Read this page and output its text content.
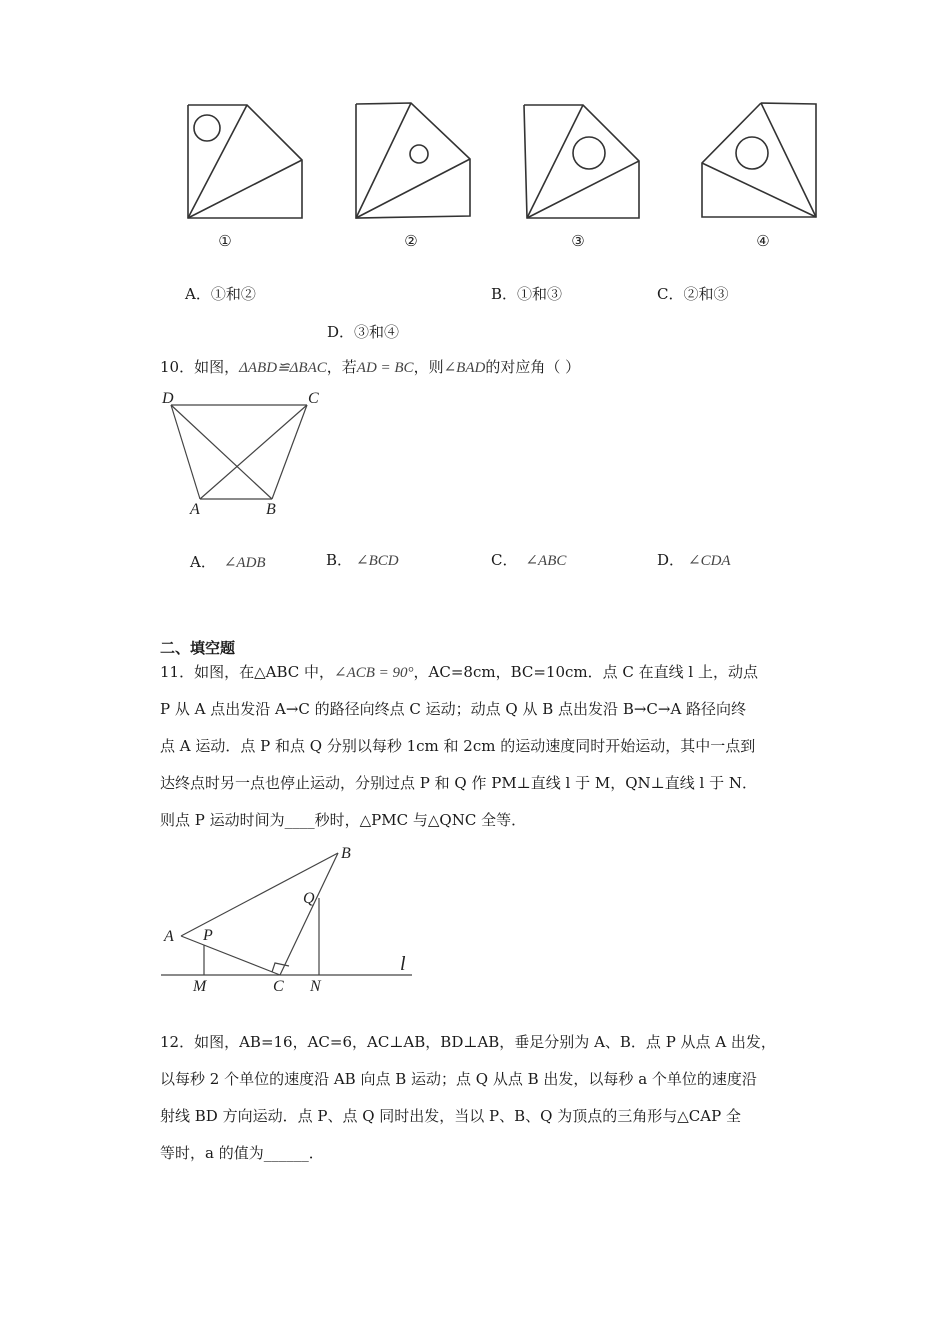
①	②	③	④
A．①和②	B．①和③	C．②和③
D．③和④
10．如图，ΔABD≌ΔBAC，若AD = BC，则∠BAD的对应角（ ）
D	C
A	B
A． ∠ADB	B． ∠BCD	C． ∠ABC	D． ∠CDA
二、填空题
11．如图，在△ABC 中，∠ACB = 90°，AC=8cm，BC=10cm．点 C 在直线 l 上，动点
P 从 A 点出发沿 A→C 的路径向终点 C 运动；动点 Q 从 B 点出发沿 B→C→A 路径向终
点 A 运动．点 P 和点 Q 分别以每秒 1cm 和 2cm 的运动速度同时开始运动，其中一点到
达终点时另一点也停止运动，分别过点 P 和 Q 作 PM⊥直线 l 于 M，QN⊥直线 l 于 N．
则点 P 运动时间为____秒时，△PMC 与△QNC 全等．
A P
B
Q
M	C N
l
12．如图，AB=16，AC=6，AC⊥AB，BD⊥AB，垂足分别为 A、B．点 P 从点 A 出发，
以每秒 2 个单位的速度沿 AB 向点 B 运动；点 Q 从点 B 出发，以每秒 a 个单位的速度沿
射线 BD 方向运动．点 P、点 Q 同时出发，当以 P、B、Q 为顶点的三角形与△CAP 全
等时，a 的值为______．
